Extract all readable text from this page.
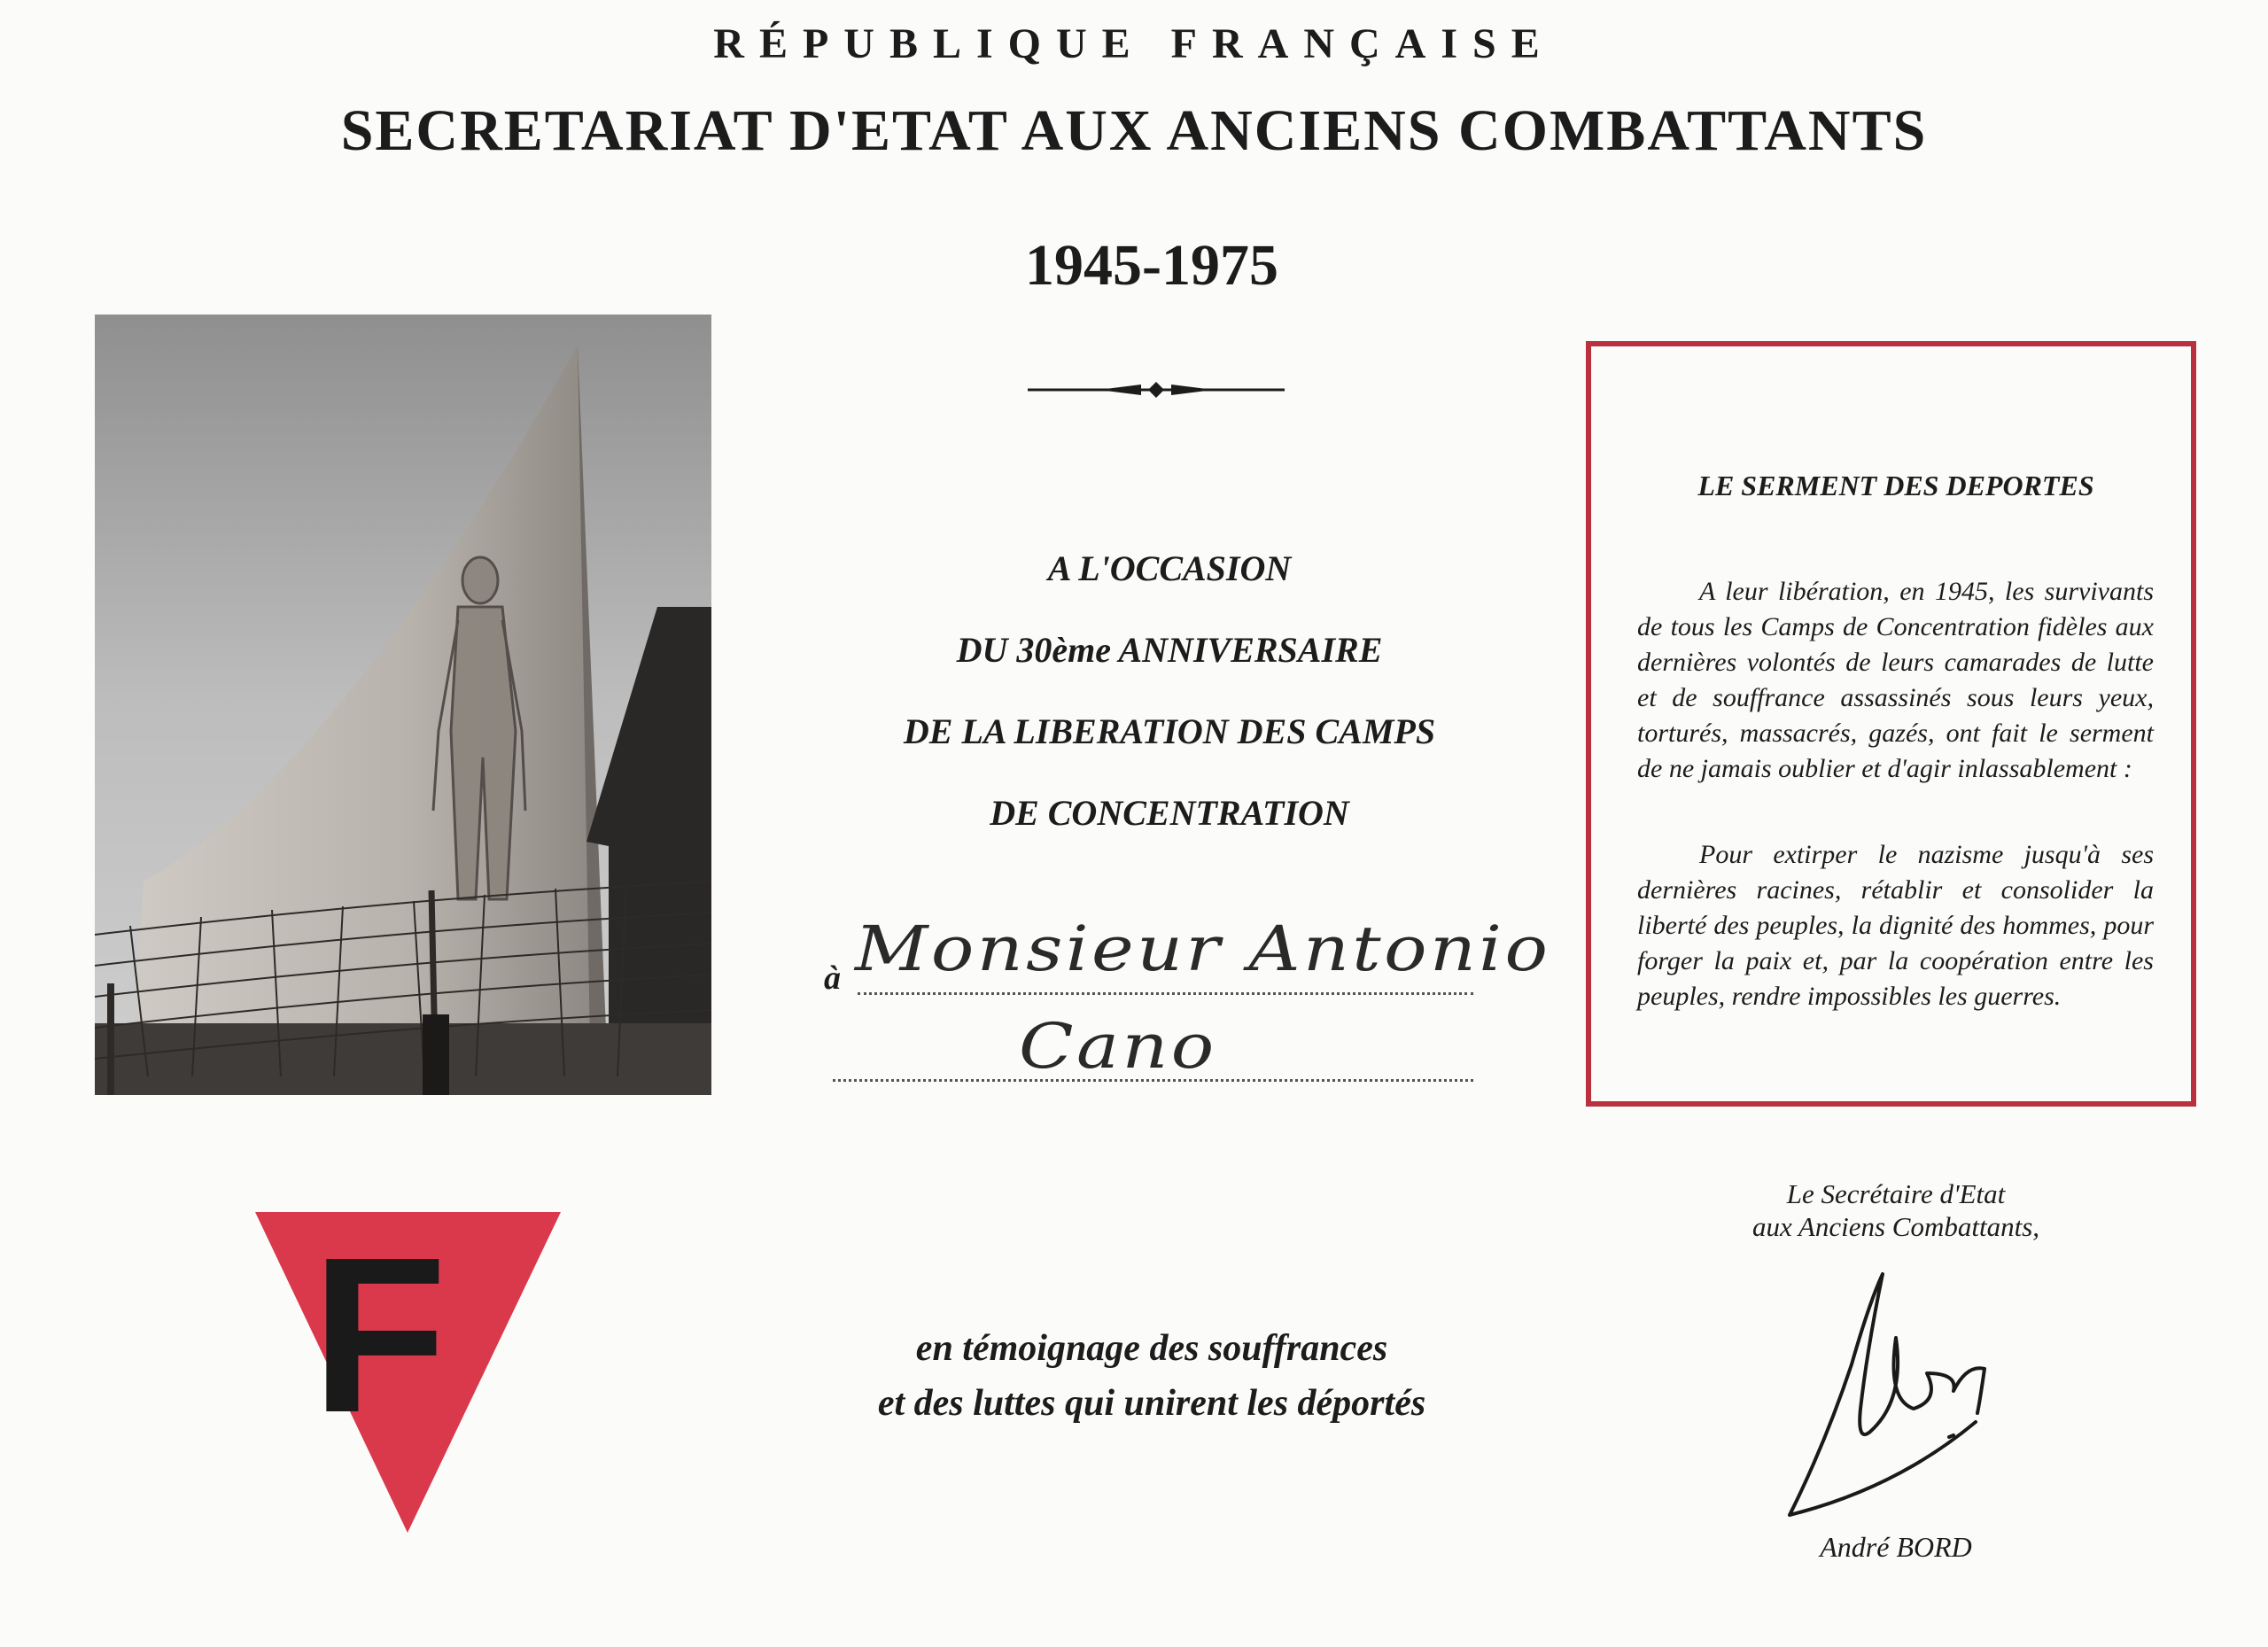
RÉPUBLIQUE FRANÇAISE
SECRETARIAT D'ETAT AUX ANCIENS COMBATTANTS
1945-1975
A L'OCCASION
DU 30ème ANNIVERSAIRE
DE LA LIBERATION DES CAMPS
DE CONCENTRATION
à Monsieur Antonio
Cano
en témoignage des souffrances
et des luttes qui unirent les déportés
LE SERMENT DES DEPORTES

A leur libération, en 1945, les survivants de tous les Camps de Concentration fidèles aux dernières volontés de leurs camarades de lutte et de souffrance assassinés sous leurs yeux, torturés, massacrés, gazés, ont fait le serment de ne jamais oublier et d'agir inlassablement :

Pour extirper le nazisme jusqu'à ses dernières racines, rétablir et consolider la liberté des peuples, la dignité des hommes, pour forger la paix et, par la coopération entre les peuples, rendre impossibles les guerres.

F
Le Secrétaire d'Etat
aux Anciens Combattants,
André BORD
